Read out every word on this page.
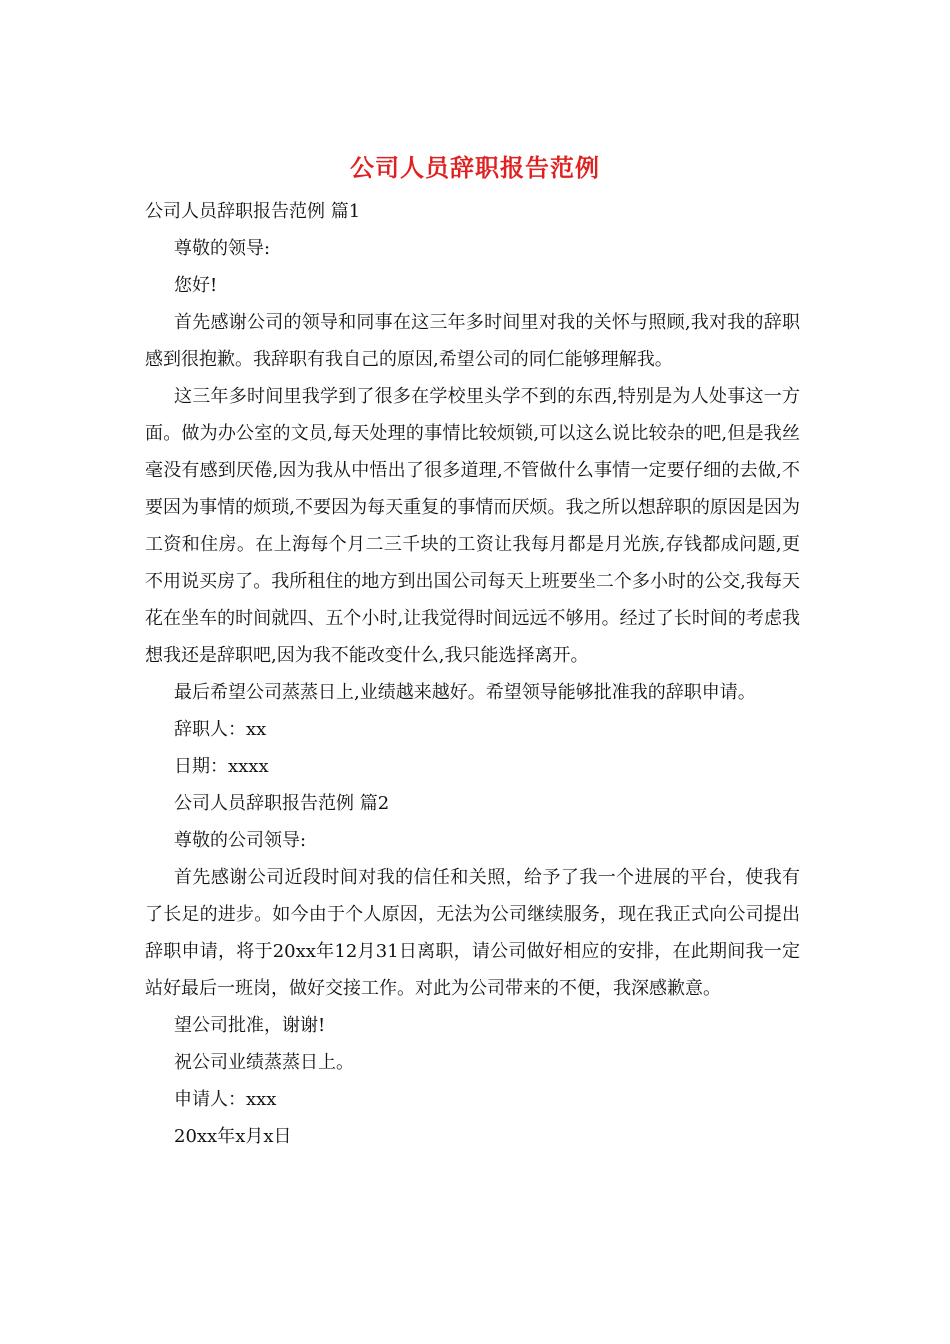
公司人员辞职报告范例
公司人员辞职报告范例 篇1
尊敬的领导:
您好!

首先感谢公司的领导和同事在这三年多时间里对我的关怀与照顾,我对我的辞职感到很抱歉。我辞职有我自己的原因,希望公司的同仁能够理解我。

这三年多时间里我学到了很多在学校里头学不到的东西,特别是为人处事这一方面。做为办公室的文员,每天处理的事情比较烦锁,可以这么说比较杂的吧,但是我丝毫没有感到厌倦,因为我从中悟出了很多道理,不管做什么事情一定要仔细的去做,不要因为事情的烦琐,不要因为每天重复的事情而厌烦。我之所以想辞职的原因是因为工资和住房。在上海每个月二三千块的工资让我每月都是月光族,存钱都成问题,更不用说买房了。我所租住的地方到出国公司每天上班要坐二个多小时的公交,我每天花在坐车的时间就四、五个小时,让我觉得时间远远不够用。经过了长时间的考虑我想我还是辞职吧,因为我不能改变什么,我只能选择离开。

最后希望公司蒸蒸日上,业绩越来越好。希望领导能够批准我的辞职申请。

辞职人：xx
日期：xxxx
公司人员辞职报告范例 篇2
尊敬的公司领导:

首先感谢公司近段时间对我的信任和关照，给予了我一个进展的平台，使我有了长足的进步。如今由于个人原因，无法为公司继续服务，现在我正式向公司提出辞职申请，将于20xx年12月31日离职，请公司做好相应的安排，在此期间我一定站好最后一班岗，做好交接工作。对此为公司带来的不便，我深感歉意。

望公司批准，谢谢!
祝公司业绩蒸蒸日上。
申请人：xxx
20xx年x月x日
